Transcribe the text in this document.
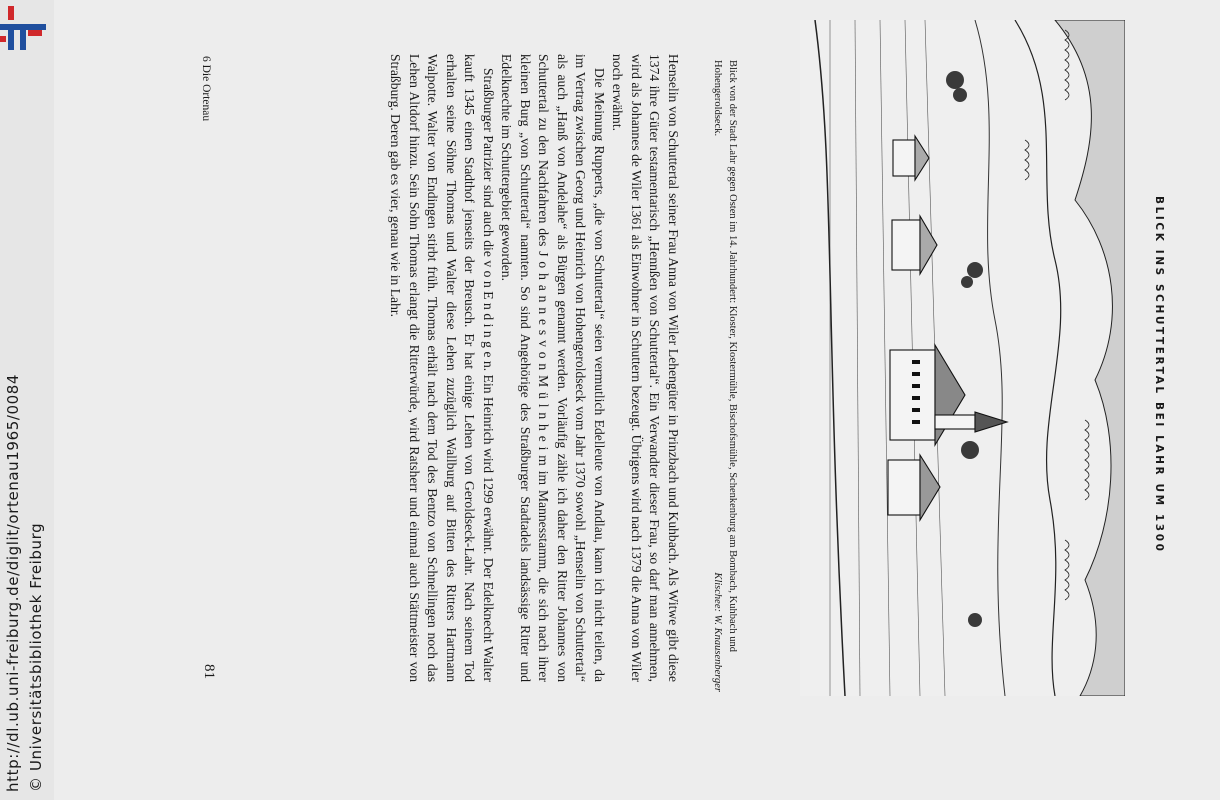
http://dl.ub.uni-freiburg.de/diglit/ortenau1965/0084 © Universitätsbibliothek Freiburg
BLICK INS SCHUTTERTAL BEI LAHR UM 1300
Blick von der Stadt Lahr gegen Osten im 14. Jahrhundert: Kloster, Klostermühle, Bischofsmühle, Schenkenburg am Bombach, Kuhbach und Hohengeroldseck.
Klischee: W. Knausenberger

Henselin von Schuttertal seiner Frau Anna von Wiler Lehengüter in Prinzbach und Kuhbach. Als Witwe gibt diese 1374 ihre Güter testamentarisch „Hennßen von Schuttertal“. Ein Verwandter dieser Frau, so darf man annehmen, wird als Johannes de Wiler 1361 als Einwohner in Schuttern bezeugt. Übrigens wird nach 1379 die Anna von Wiler noch erwähnt.

Die Meinung Rupperts, „die von Schuttertal“ seien vermutlich Edelleute von Andlau, kann ich nicht teilen, da im Vertrag zwischen Georg und Heinrich von Hohengeroldseck vom Jahr 1370 sowohl „Henselin von Schuttertal“ als auch „Hanß von Andelahe“ als Bürgen genannt werden. Vorläufig zähle ich daher den Ritter Johannes von Schuttertal zu den Nachfahren des J o h a n n e s v o n M ü l n h e i m im Mannesstamm, die sich nach ihrer kleinen Burg „von Schuttertal“ nannten. So sind Angehörige des Straßburger Stadtadels landsässige Ritter und Edelknechte im Schuttergebiet geworden.

Straßburger Patrizier sind auch die v o n E n d i n g e n. Ein Heinrich wird 1299 erwähnt. Der Edelknecht Walter kauft 1345 einen Stadthof jenseits der Breusch. Er hat einige Lehen von Geroldseck-Lahr. Nach seinem Tod erhalten seine Söhne Thomas und Walter diese Lehen zuzüglich Wallburg auf Bitten des Ritters Hartmann Walpotte. Walter von Endingen stirbt früh. Thomas erhält nach dem Tod des Bentzo von Schnellingen noch das Lehen Altdorf hinzu. Sein Sohn Thomas erlangt die Ritterwürde, wird Ratsherr und einmal auch Stättmeister von Straßburg. Deren gab es vier, genau wie in Lahr.

6 Die Ortenau
81
